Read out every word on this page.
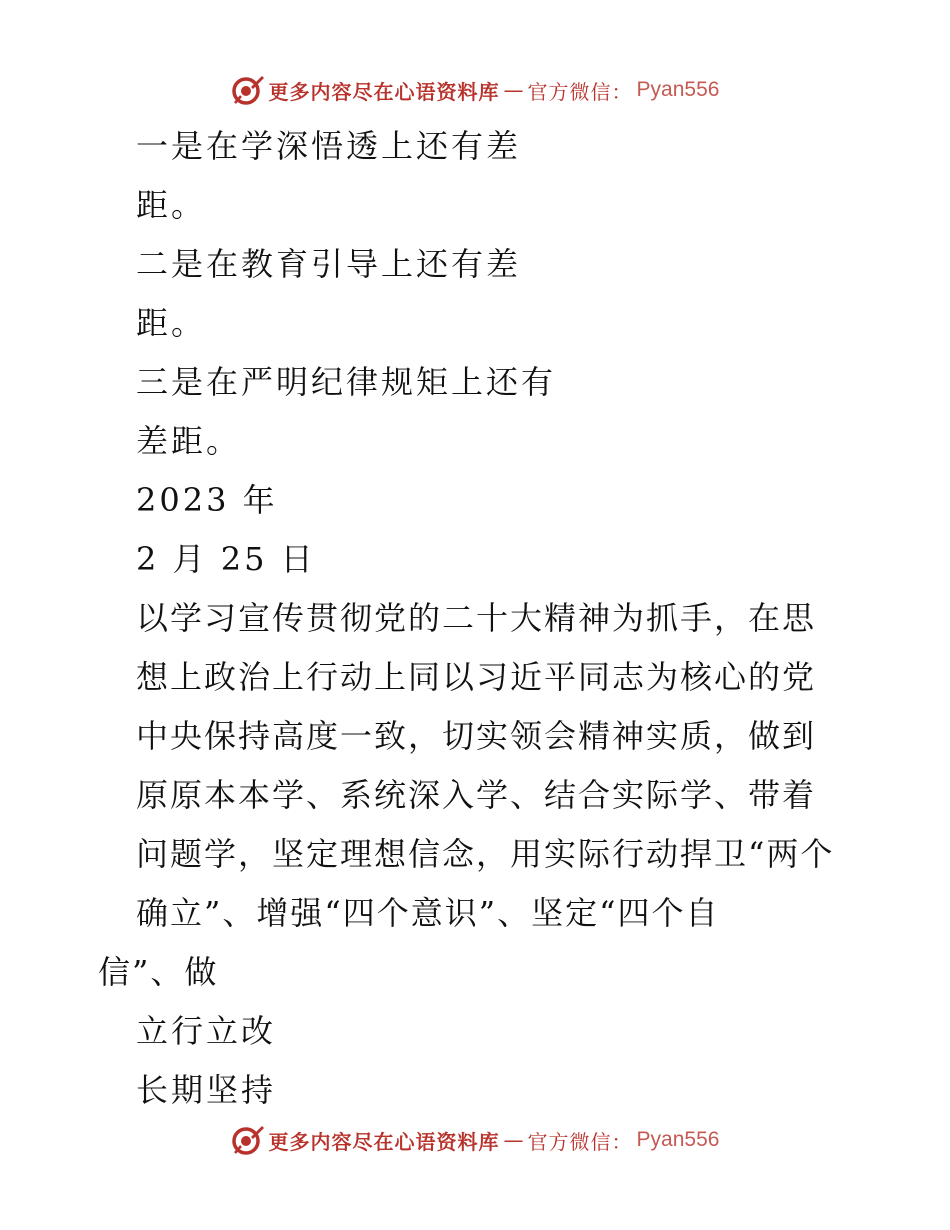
更多内容尽在心语资料库 — 官方微信： Pyan556
一是在学深悟透上还有差
距。
二是在教育引导上还有差
距。
三是在严明纪律规矩上还有
差距。
2023 年
2 月 25 日
以学习宣传贯彻党的二十大精神为抓手，在思
想上政治上行动上同以习近平同志为核心的党
中央保持高度一致，切实领会精神实质，做到
原原本本学、系统深入学、结合实际学、带着
问题学，坚定理想信念，用实际行动捍卫“两个
确立”、增强“四个意识”、坚定“四个自
信”、做
立行立改
长期坚持
更多内容尽在心语资料库 — 官方微信： Pyan556
